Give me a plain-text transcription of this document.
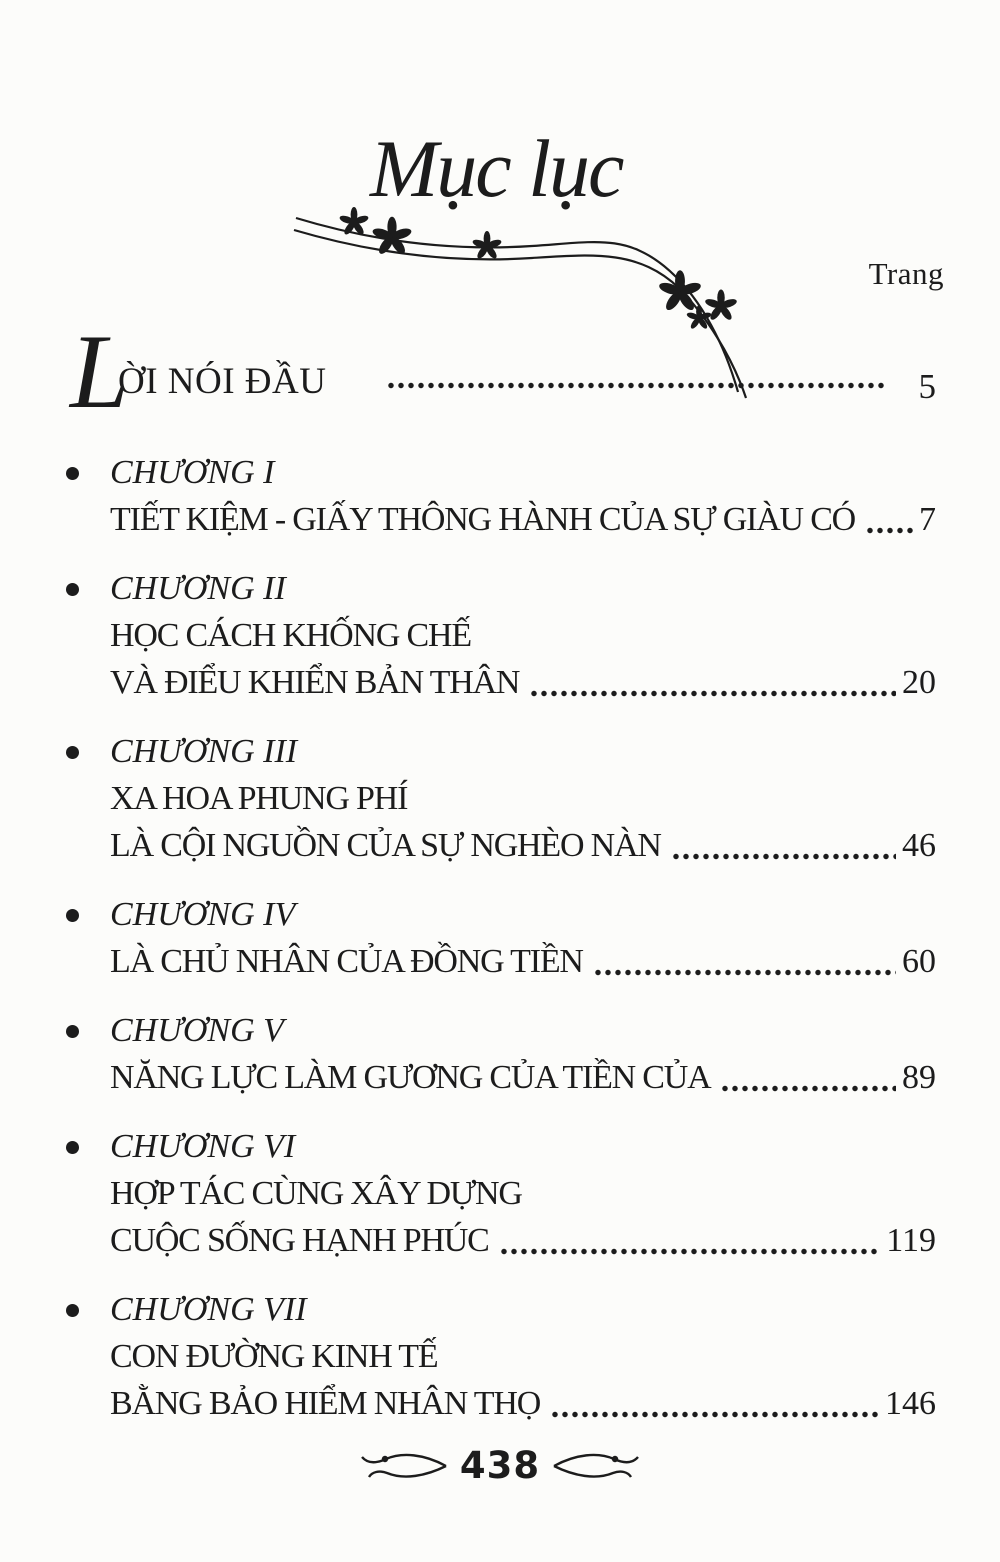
Mục lục
Trang
L
ỜI NÓI ĐẦU	5
CHƯƠNG I
TIẾT KIỆM - GIẤY THÔNG HÀNH CỦA SỰ GIÀU CÓ 7
CHƯƠNG II
HỌC CÁCH KHỐNG CHẾ
VÀ ĐIỂU KHIỂN BẢN THÂN	20
CHƯƠNG III
XA HOA PHUNG PHÍ
LÀ CỘI NGUỒN CỦA SỰ NGHÈO NÀN	46
CHƯƠNG IV
LÀ CHỦ NHÂN CỦA ĐỒNG TIỀN	60
CHƯƠNG V
NĂNG LỰC LÀM GƯƠNG CỦA TIỀN CỦA	89
CHƯƠNG VI
HỢP TÁC CÙNG XÂY DỰNG
CUỘC SỐNG HẠNH PHÚC	119
CHƯƠNG VII
CON ĐƯỜNG KINH TẾ
BẰNG BẢO HIỂM NHÂN THỌ	146
438
